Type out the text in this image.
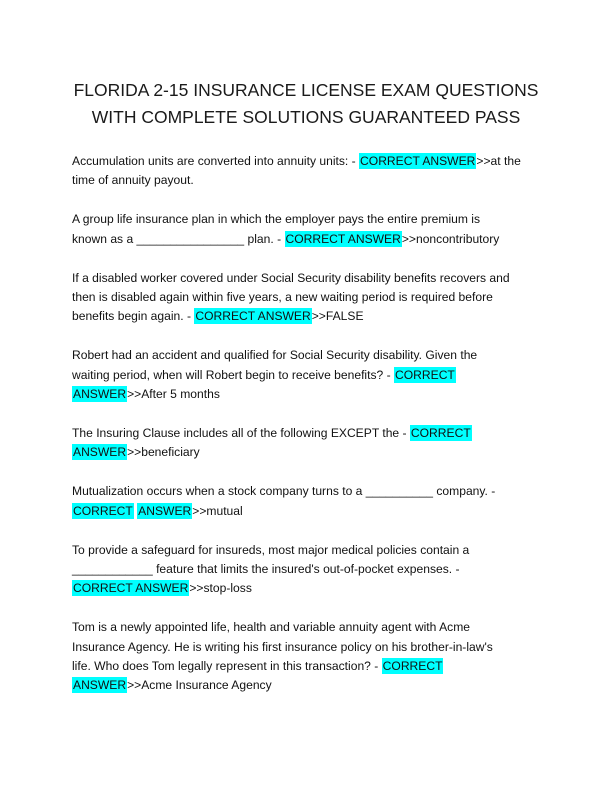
FLORIDA 2-15 INSURANCE LICENSE EXAM QUESTIONS
WITH COMPLETE SOLUTIONS GUARANTEED PASS
Accumulation units are converted into annuity units: - CORRECT ANSWER>>at the
time of annuity payout.
A group life insurance plan in which the employer pays the entire premium is
known as a ________________ plan. - CORRECT ANSWER>>noncontributory
If a disabled worker covered under Social Security disability benefits recovers and
then is disabled again within five years, a new waiting period is required before
benefits begin again. - CORRECT ANSWER>>FALSE
Robert had an accident and qualified for Social Security disability. Given the
waiting period, when will Robert begin to receive benefits? - CORRECT
ANSWER>>After 5 months
The Insuring Clause includes all of the following EXCEPT the - CORRECT
ANSWER>>beneficiary
Mutualization occurs when a stock company turns to a __________ company. -
CORRECT ANSWER>>mutual
To provide a safeguard for insureds, most major medical policies contain a
____________ feature that limits the insured's out-of-pocket expenses. -
CORRECT ANSWER>>stop-loss
Tom is a newly appointed life, health and variable annuity agent with Acme
Insurance Agency. He is writing his first insurance policy on his brother-in-law's
life. Who does Tom legally represent in this transaction? - CORRECT
ANSWER>>Acme Insurance Agency
